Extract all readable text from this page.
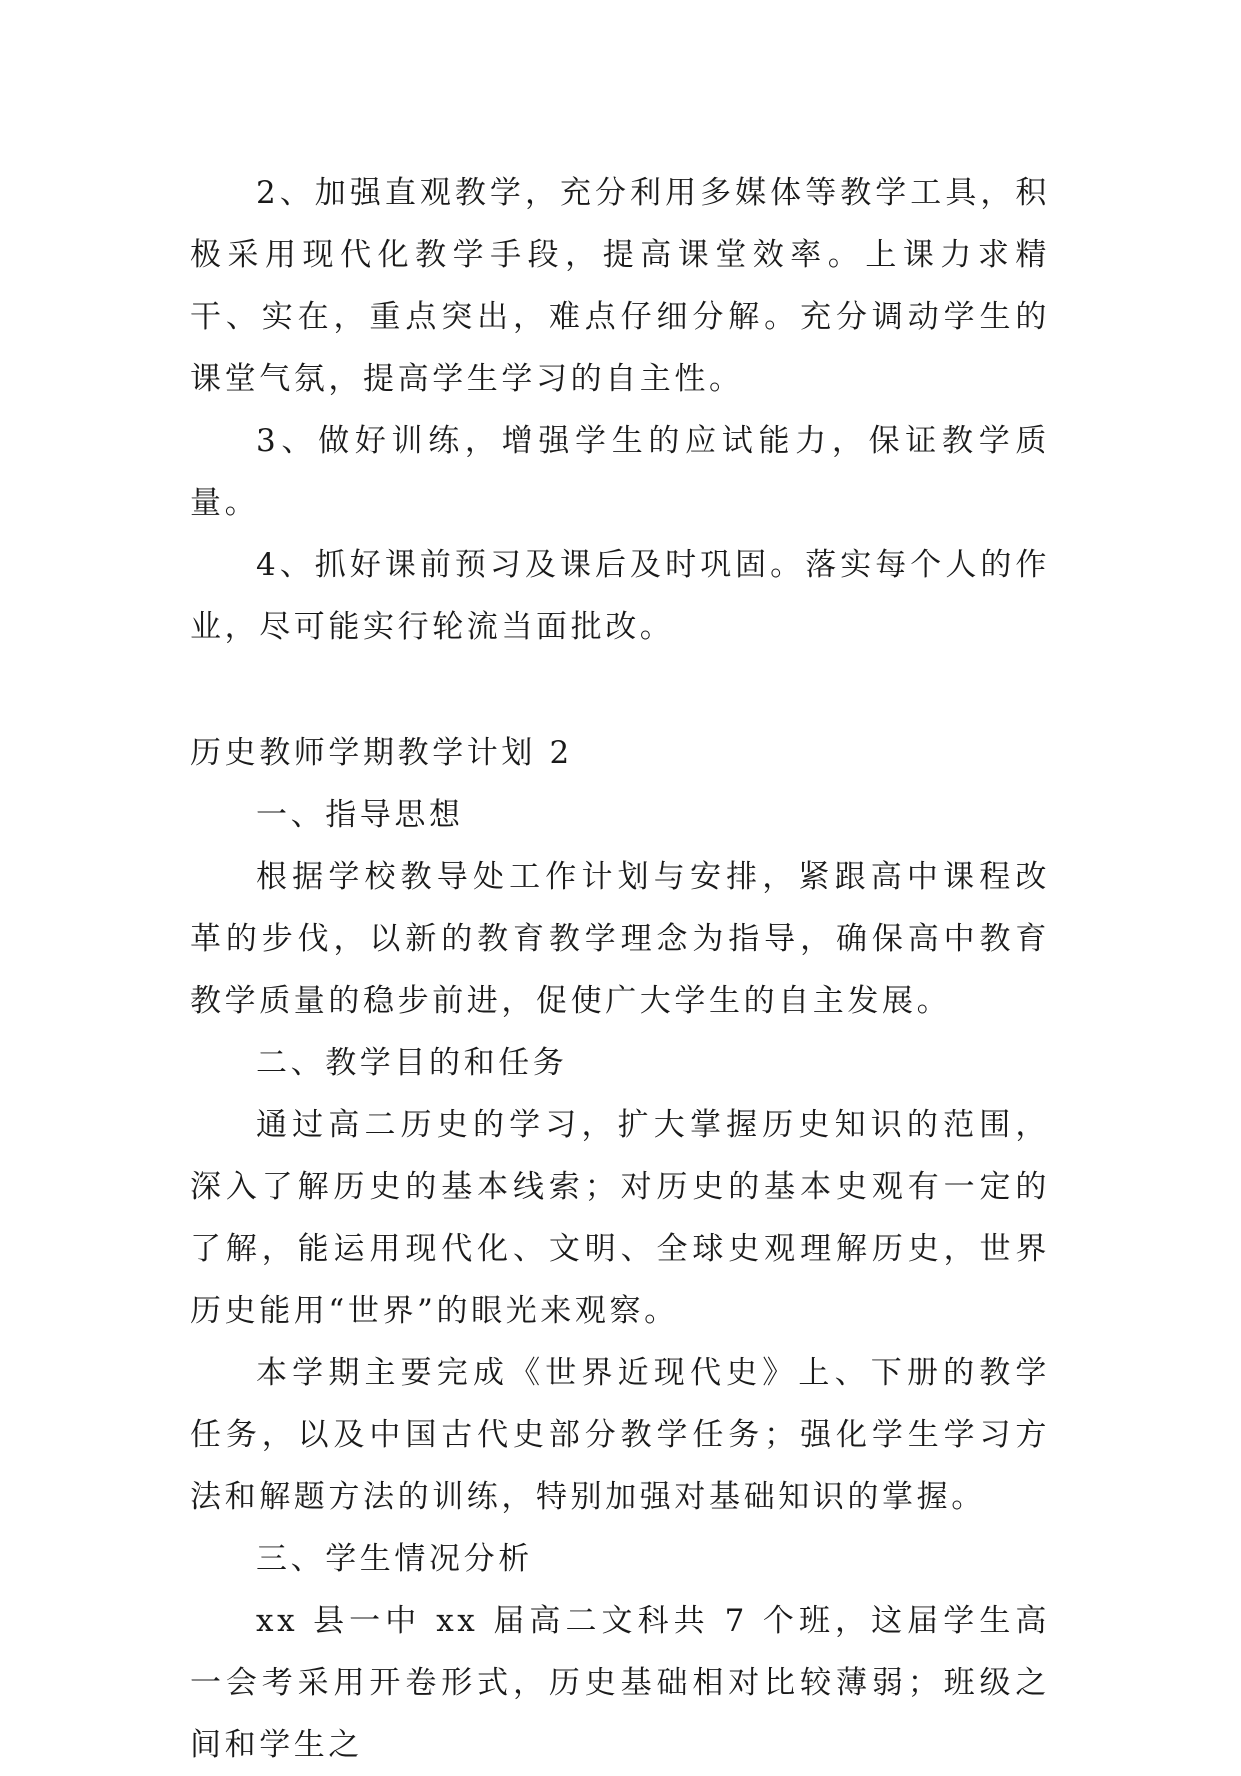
2、加强直观教学，充分利用多媒体等教学工具，积极采用现代化教学手段，提高课堂效率。上课力求精干、实在，重点突出，难点仔细分解。充分调动学生的课堂气氛，提高学生学习的自主性。

3、做好训练，增强学生的应试能力，保证教学质量。

4、抓好课前预习及课后及时巩固。落实每个人的作业，尽可能实行轮流当面批改。

历史教师学期教学计划 2

一、指导思想

根据学校教导处工作计划与安排，紧跟高中课程改革的步伐，以新的教育教学理念为指导，确保高中教育教学质量的稳步前进，促使广大学生的自主发展。

二、教学目的和任务

通过高二历史的学习，扩大掌握历史知识的范围，深入了解历史的基本线索；对历史的基本史观有一定的了解，能运用现代化、文明、全球史观理解历史，世界历史能用“世界”的眼光来观察。

本学期主要完成《世界近现代史》上、下册的教学任务，以及中国古代史部分教学任务；强化学生学习方法和解题方法的训练，特别加强对基础知识的掌握。

三、学生情况分析

xx 县一中 xx 届高二文科共 7 个班，这届学生高一会考采用开卷形式，历史基础相对比较薄弱；班级之间和学生之
